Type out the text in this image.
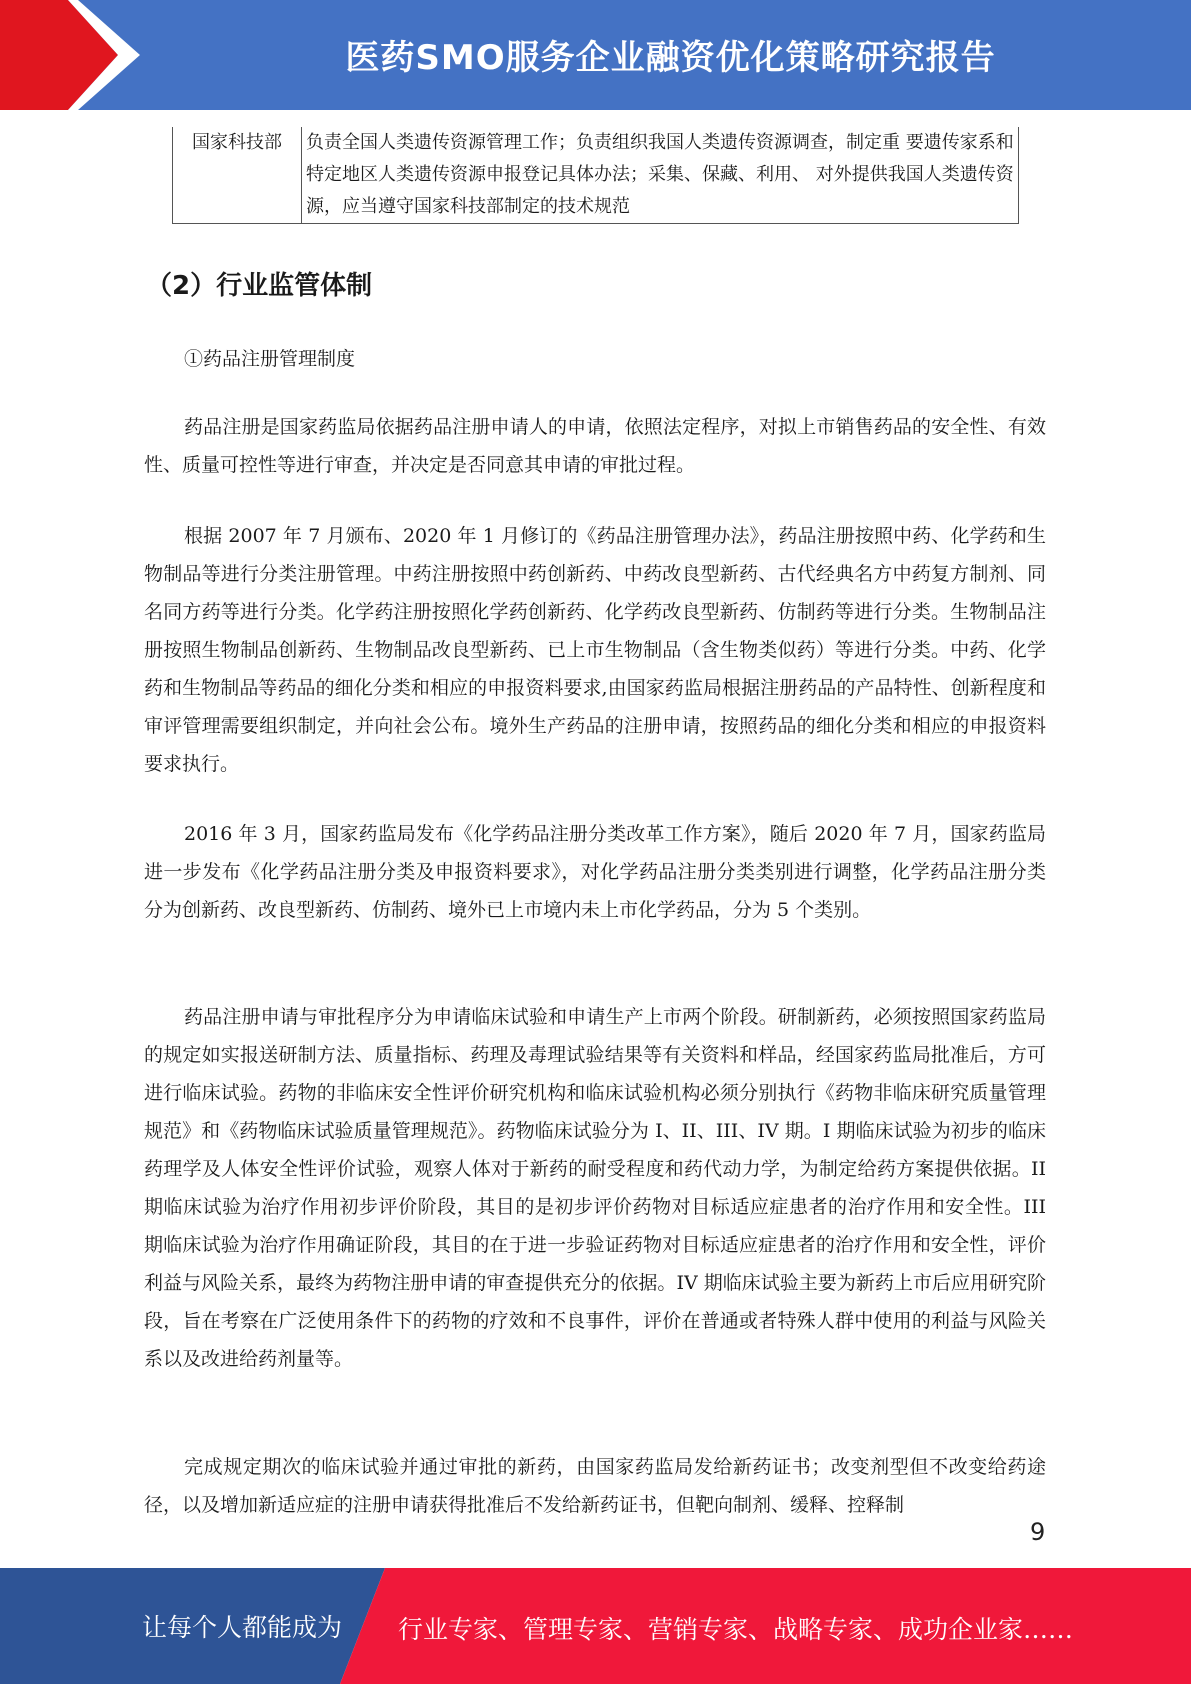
医药SMO服务企业融资优化策略研究报告
国家科技部	负责全国人类遗传资源管理工作；负责组织我国人类遗传资源调查，制定重 要遗传家系和特定地区人类遗传资源申报登记具体办法；采集、保藏、利用、 对外提供我国人类遗传资源，应当遵守国家科技部制定的技术规范
（2）行业监管体制
①药品注册管理制度

药品注册是国家药监局依据药品注册申请人的申请，依照法定程序，对拟上市销售药品的安全性、有效性、质量可控性等进行审查，并决定是否同意其申请的审批过程。

根据 2007 年 7 月颁布、2020 年 1 月修订的《药品注册管理办法》，药品注册按照中药、化学药和生物制品等进行分类注册管理。中药注册按照中药创新药、中药改良型新药、古代经典名方中药复方制剂、同名同方药等进行分类。化学药注册按照化学药创新药、化学药改良型新药、仿制药等进行分类。生物制品注册按照生物制品创新药、生物制品改良型新药、已上市生物制品（含生物类似药）等进行分类。中药、化学药和生物制品等药品的细化分类和相应的申报资料要求,由国家药监局根据注册药品的产品特性、创新程度和审评管理需要组织制定，并向社会公布。境外生产药品的注册申请，按照药品的细化分类和相应的申报资料要求执行。

2016 年 3 月，国家药监局发布《化学药品注册分类改革工作方案》，随后 2020 年 7 月，国家药监局进一步发布《化学药品注册分类及申报资料要求》，对化学药品注册分类类别进行调整，化学药品注册分类分为创新药、改良型新药、仿制药、境外已上市境内未上市化学药品，分为 5 个类别。

药品注册申请与审批程序分为申请临床试验和申请生产上市两个阶段。研制新药，必须按照国家药监局的规定如实报送研制方法、质量指标、药理及毒理试验结果等有关资料和样品，经国家药监局批准后，方可进行临床试验。药物的非临床安全性评价研究机构和临床试验机构必须分别执行《药物非临床研究质量管理规范》和《药物临床试验质量管理规范》。药物临床试验分为 I、II、III、IV 期。I 期临床试验为初步的临床药理学及人体安全性评价试验，观察人体对于新药的耐受程度和药代动力学，为制定给药方案提供依据。II 期临床试验为治疗作用初步评价阶段，其目的是初步评价药物对目标适应症患者的治疗作用和安全性。III 期临床试验为治疗作用确证阶段，其目的在于进一步验证药物对目标适应症患者的治疗作用和安全性，评价利益与风险关系，最终为药物注册申请的审查提供充分的依据。IV 期临床试验主要为新药上市后应用研究阶段，旨在考察在广泛使用条件下的药物的疗效和不良事件，评价在普通或者特殊人群中使用的利益与风险关系以及改进给药剂量等。

完成规定期次的临床试验并通过审批的新药，由国家药监局发给新药证书；改变剂型但不改变给药途径，以及增加新适应症的注册申请获得批准后不发给新药证书，但靶向制剂、缓释、控释制

9
让每个人都能成为 行业专家、管理专家、营销专家、战略专家、成功企业家……
